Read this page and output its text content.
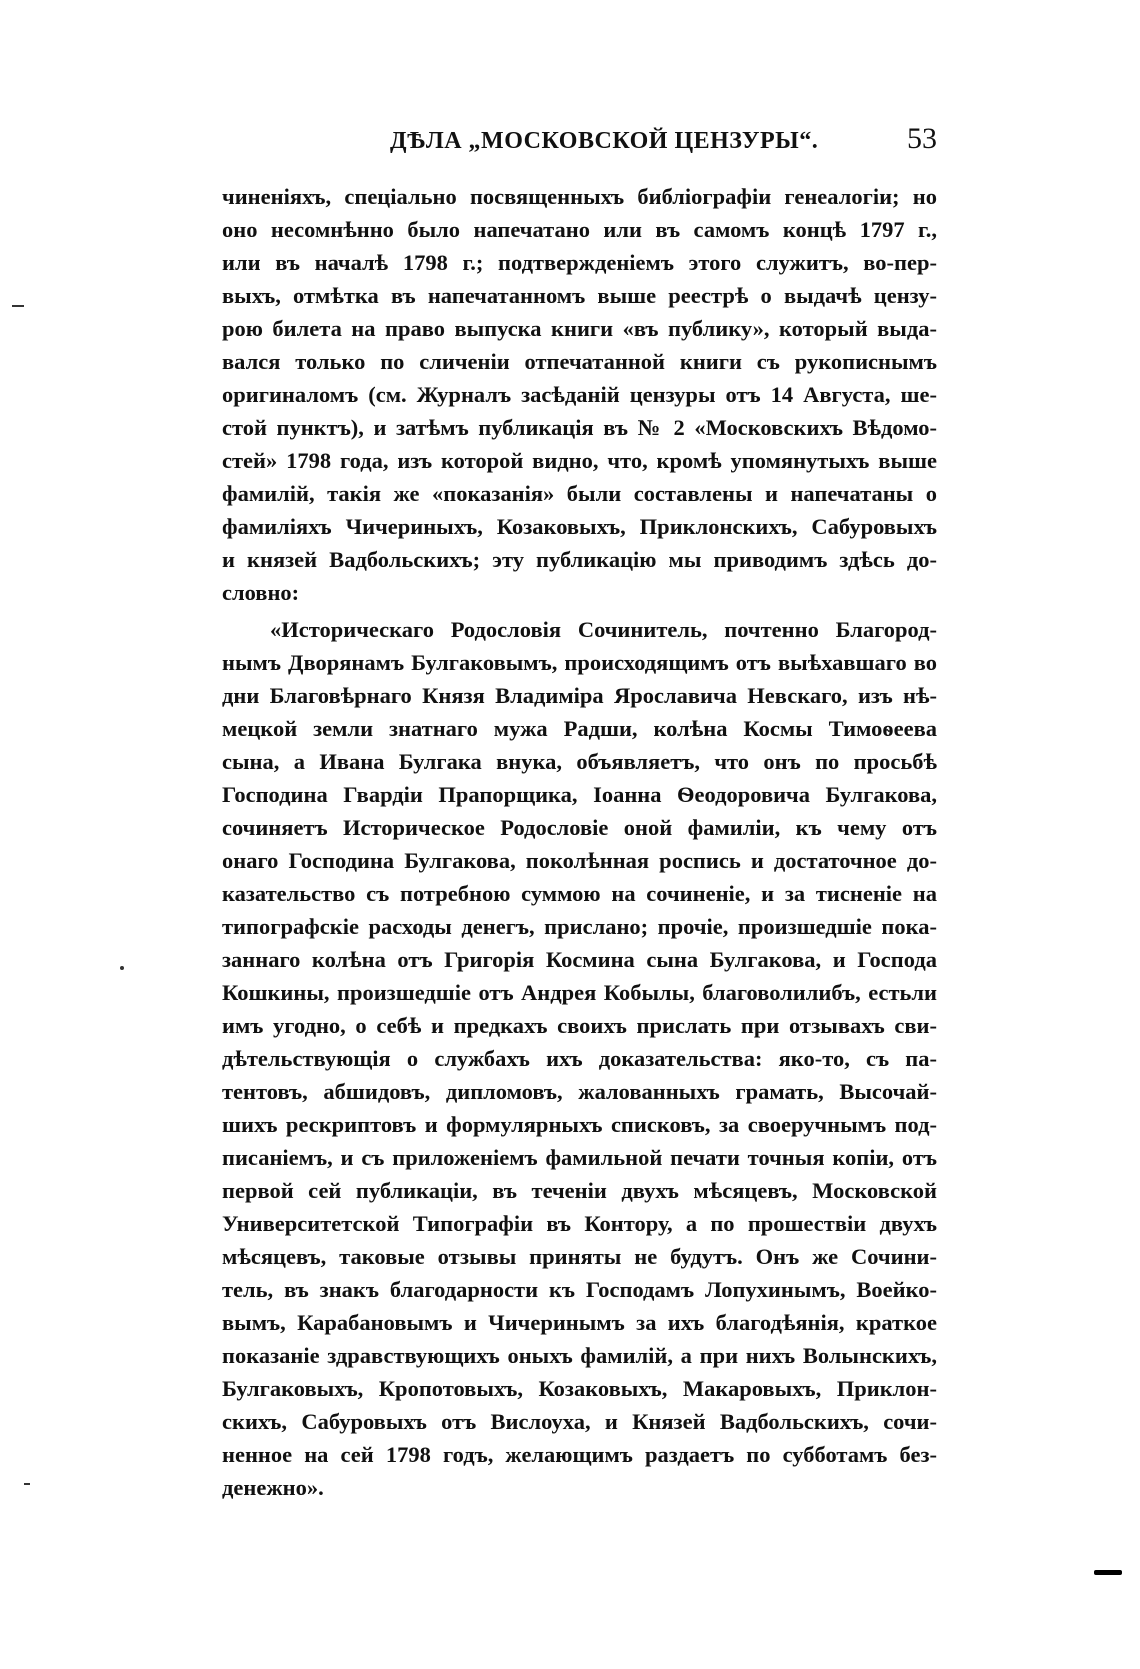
ДѢЛА „МОСКОВСКОЙ ЦЕНЗУРЫ“.	53
чиненіяхъ, спеціально посвященныхъ библіографіи генеалогіи; но
оно несомнѣнно было напечатано или въ самомъ концѣ 1797 г.,
или въ началѣ 1798 г.; подтвержденіемъ этого служитъ, во-пер-
выхъ, отмѣтка въ напечатанномъ выше реестрѣ о выдачѣ цензу-
рою билета на право выпуска книги «въ публику», который выда-
вался только по сличеніи отпечатанной книги съ рукописнымъ
оригиналомъ (см. Журналъ засѣданій цензуры отъ 14 Августа, ше-
стой пунктъ), и затѣмъ публикація въ № 2 «Московскихъ Вѣдомо-
стей» 1798 года, изъ которой видно, что, кромѣ упомянутыхъ выше
фамилій, такія же «показанія» были составлены и напечатаны о
фамиліяхъ Чичериныхъ, Козаковыхъ, Приклонскихъ, Сабуровыхъ
и князей Вадбольскихъ; эту публикацію мы приводимъ здѣсь до-
словно:
«Историческаго Родословія Сочинитель, почтенно Благород-
нымъ Дворянамъ Булгаковымъ, происходящимъ отъ выѣхавшаго во
дни Благовѣрнаго Князя Владиміра Ярославича Невскаго, изъ нѣ-
мецкой земли знатнаго мужа Радши, колѣна Космы Тимоѳеева
сына, а Ивана Булгака внука, объявляетъ, что онъ по просьбѣ
Господина Гвардіи Прапорщика, Іоанна Ѳеодоровича Булгакова,
сочиняетъ Историческое Родословіе оной фамиліи, къ чему отъ
онаго Господина Булгакова, поколѣнная роспись и достаточное до-
казательство съ потребною суммою на сочиненіе, и за тисненіе на
типографскіе расходы денегъ, прислано; прочіе, произшедшіе пока-
заннаго колѣна отъ Григорія Космина сына Булгакова, и Господа
Кошкины, произшедшіе отъ Андрея Кобылы, благоволилибъ, естьли
имъ угодно, о себѣ и предкахъ своихъ прислать при отзывахъ сви-
дѣтельствующія о службахъ ихъ доказательства: яко-то, съ па-
тентовъ, абшидовъ, дипломовъ, жалованныхъ грамать, Высочай-
шихъ рескриптовъ и формулярныхъ списковъ, за своеручнымъ под-
писаніемъ, и съ приложеніемъ фамильной печати точныя копіи, отъ
первой сей публикаціи, въ теченіи двухъ мѣсяцевъ, Московской
Университетской Типографіи въ Контору, а по прошествіи двухъ
мѣсяцевъ, таковые отзывы приняты не будутъ. Онъ же Сочини-
тель, въ знакъ благодарности къ Господамъ Лопухинымъ, Воейко-
вымъ, Карабановымъ и Чичеринымъ за ихъ благодѣянія, краткое
показаніе здравствующихъ оныхъ фамилій, а при нихъ Волынскихъ,
Булгаковыхъ, Кропотовыхъ, Козаковыхъ, Макаровыхъ, Приклон-
скихъ, Сабуровыхъ отъ Вислоуха, и Князей Вадбольскихъ, сочи-
ненное на сей 1798 годъ, желающимъ раздаетъ по субботамъ без-
денежно».
